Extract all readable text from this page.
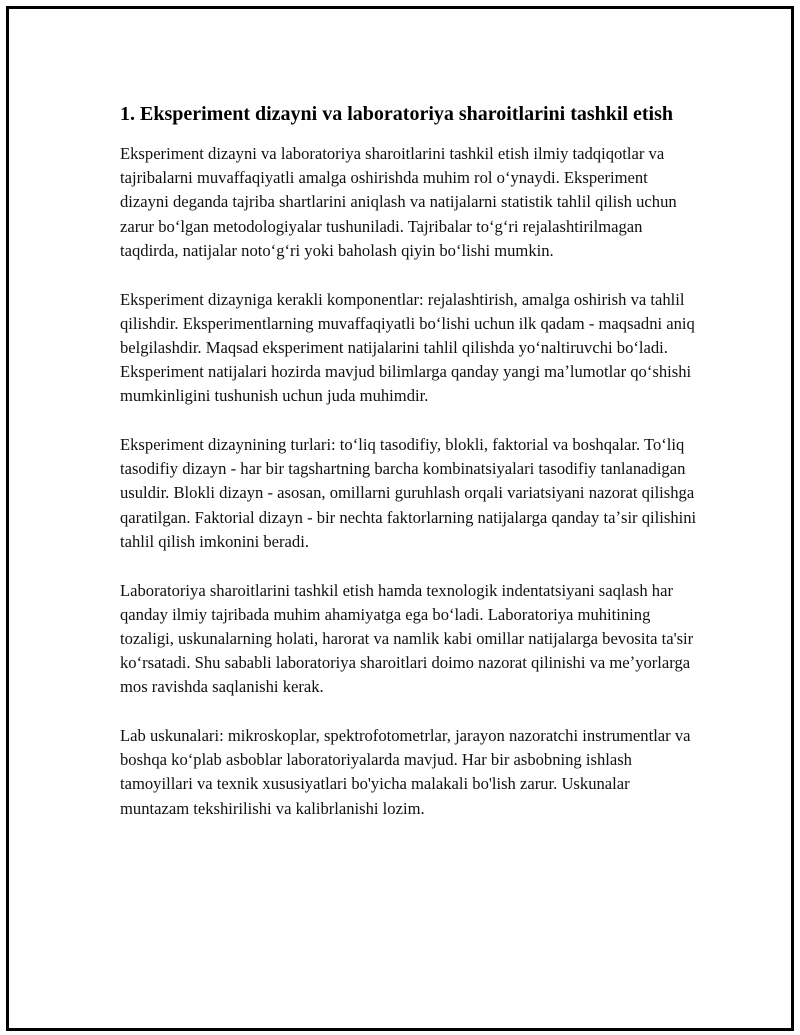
1. Eksperiment dizayni va laboratoriya sharoitlarini tashkil etish

Eksperiment dizayni va laboratoriya sharoitlarini tashkil etish ilmiy tadqiqotlar va tajribalarni muvaffaqiyatli amalga oshirishda muhim rol oʻynaydi. Eksperiment dizayni deganda tajriba shartlarini aniqlash va natijalarni statistik tahlil qilish uchun zarur boʻlgan metodologiyalar tushuniladi. Tajribalar toʻgʻri rejalashtirilmagan taqdirda, natijalar notoʻgʻri yoki baholash qiyin boʻlishi mumkin.

Eksperiment dizayniga kerakli komponentlar: rejalashtirish, amalga oshirish va tahlil qilishdir. Eksperimentlarning muvaffaqiyatli boʻlishi uchun ilk qadam - maqsadni aniq belgilashdir. Maqsad eksperiment natijalarini tahlil qilishda yoʻnaltiruvchi boʻladi. Eksperiment natijalari hozirda mavjud bilimlarga qanday yangi maʼlumotlar qoʻshishi mumkinligini tushunish uchun juda muhimdir.

Eksperiment dizaynining turlari: toʻliq tasodifiy, blokli, faktorial va boshqalar. Toʻliq tasodifiy dizayn - har bir tagshartning barcha kombinatsiyalari tasodifiy tanlanadigan usuldir. Blokli dizayn - asosan, omillarni guruhlash orqali variatsiyani nazorat qilishga qaratilgan. Faktorial dizayn - bir nechta faktorlarning natijalarga qanday taʼsir qilishini tahlil qilish imkonini beradi.

Laboratoriya sharoitlarini tashkil etish hamda texnologik indentatsiyani saqlash har qanday ilmiy tajribada muhim ahamiyatga ega boʻladi. Laboratoriya muhitining tozaligi, uskunalarning holati, harorat va namlik kabi omillar natijalarga bevosita ta'sir koʻrsatadi. Shu sababli laboratoriya sharoitlari doimo nazorat qilinishi va meʼyorlarga mos ravishda saqlanishi kerak.

Lab uskunalari: mikroskoplar, spektrofotometrlar, jarayon nazoratchi instrumentlar va boshqa koʻplab asboblar laboratoriyalarda mavjud. Har bir asbobning ishlash tamoyillari va texnik xususiyatlari bo'yicha malakali bo'lish zarur. Uskunalar muntazam tekshirilishi va kalibrlanishi lozim.
